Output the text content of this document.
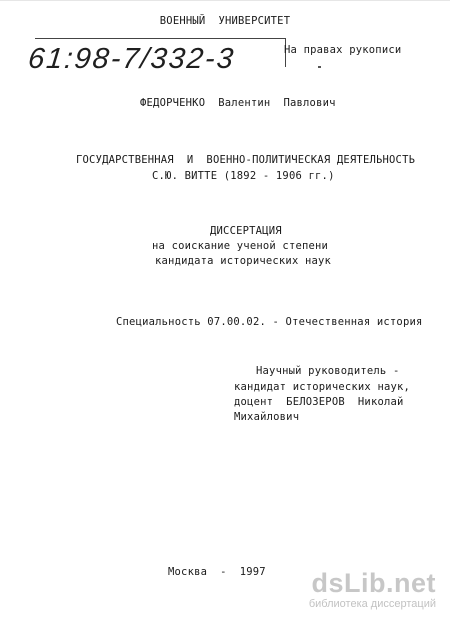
ВОЕННЫЙ  УНИВЕРСИТЕТ
61:98-7/332-3	На правах рукописи
ФЕДОРЧЕНКО  Валентин  Павлович
ГОСУДАРСТВЕННАЯ  И  ВОЕННО-ПОЛИТИЧЕСКАЯ ДЕЯТЕЛЬНОСТЬ
С.Ю. ВИТТЕ (1892 - 1906 гг.)
ДИССЕРТАЦИЯ
на соискание ученой степени
кандидата исторических наук
Специальность 07.00.02. - Отечественная история
Научный руководитель -
кандидат исторических наук,
доцент  БЕЛОЗЕРОВ  Николай
Михайлович
Москва  -  1997 dsLib.net
библиотека диссертаций
